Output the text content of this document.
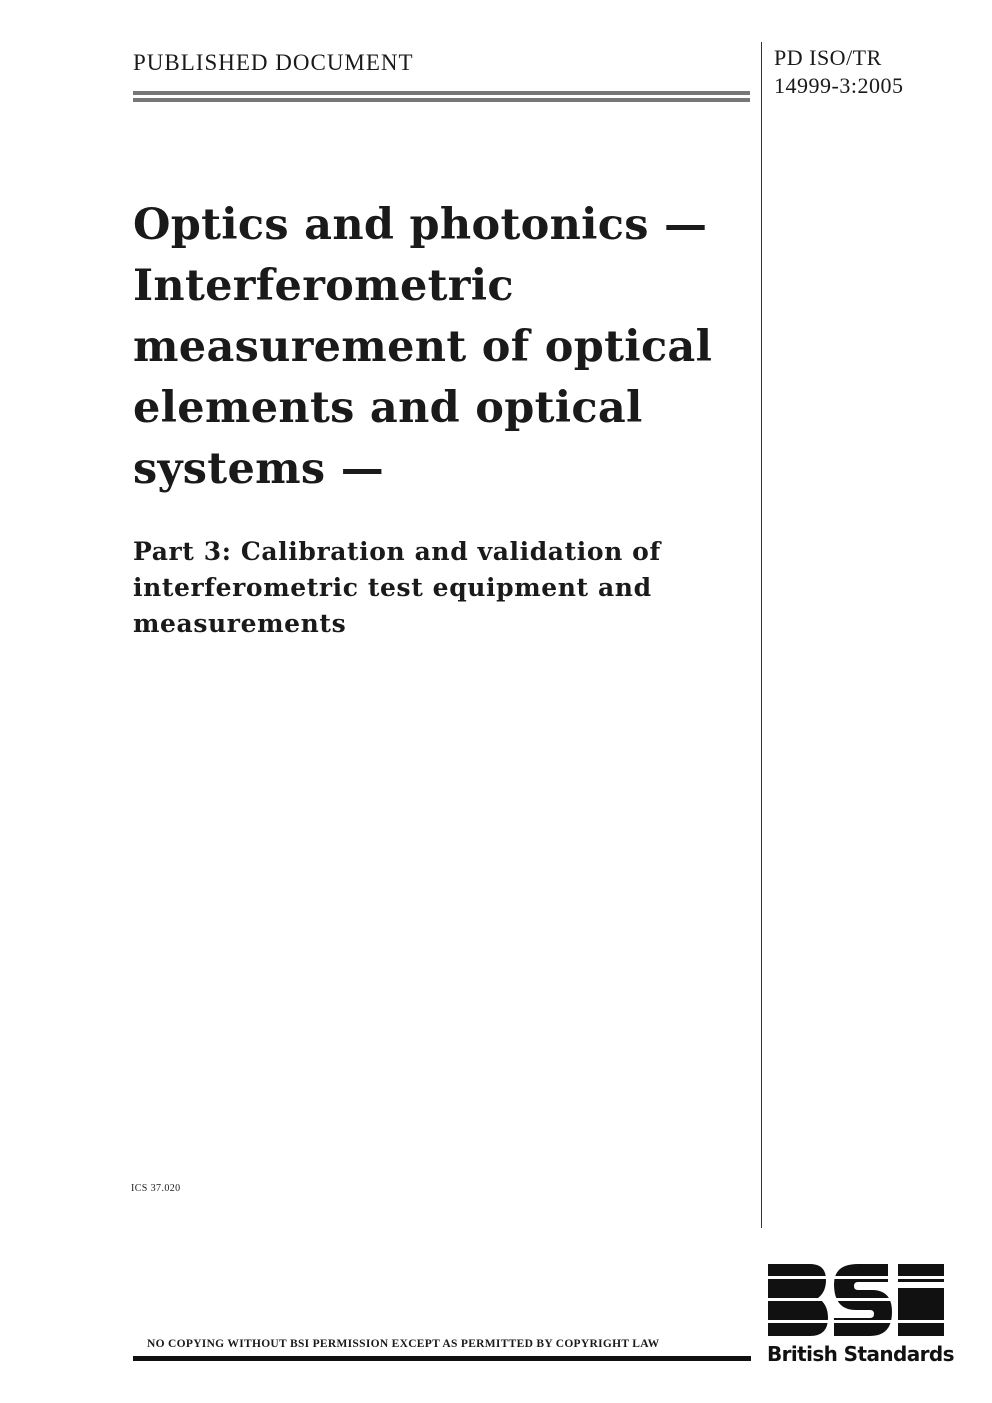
PUBLISHED DOCUMENT	PD ISO/TR
14999-3:2005
Optics and photonics —
Interferometric
measurement of optical
elements and optical
systems —
Part 3: Calibration and validation of
interferometric test equipment and
measurements
ICS 37.020
NO COPYING WITHOUT BSI PERMISSION EXCEPT AS PERMITTED BY COPYRIGHT LAW	British Standards
